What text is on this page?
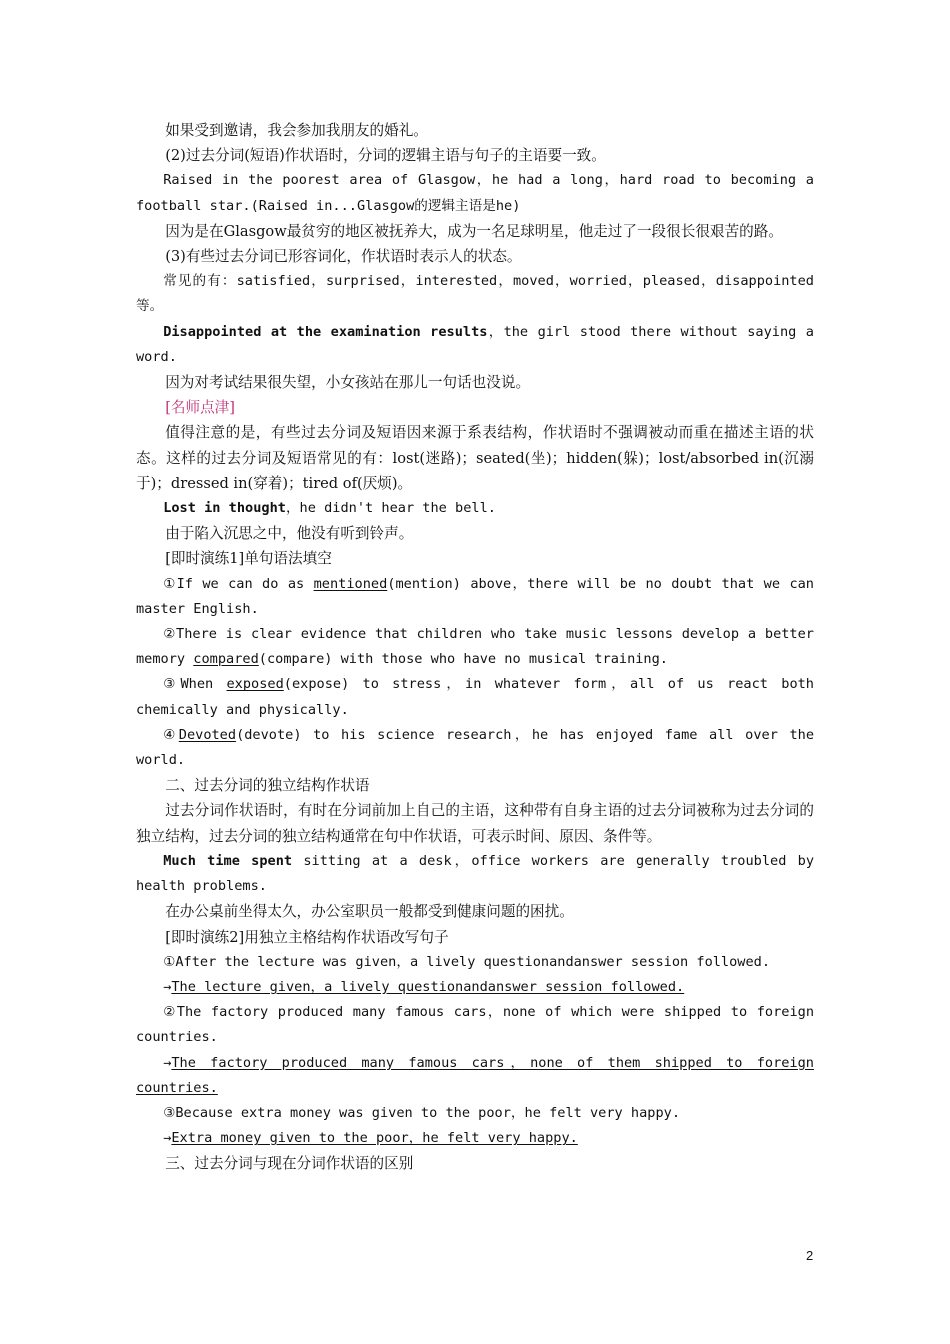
如果受到邀请，我会参加我朋友的婚礼。

(2)过去分词(短语)作状语时，分词的逻辑主语与句子的主语要一致。

Raised in the poorest area of Glasgow，he had a long，hard road to becoming a football star.(Raised in...Glasgow的逻辑主语是he)

因为是在Glasgow最贫穷的地区被抚养大，成为一名足球明星，他走过了一段很长很艰苦的路。

(3)有些过去分词已形容词化，作状语时表示人的状态。

常见的有：satisfied，surprised，interested，moved，worried，pleased，disappointed等。

Disappointed at the examination results，the girl stood there without saying a word.

因为对考试结果很失望，小女孩站在那儿一句话也没说。

[名师点津]

值得注意的是，有些过去分词及短语因来源于系表结构，作状语时不强调被动而重在描述主语的状态。这样的过去分词及短语常见的有：lost(迷路)；seated(坐)；hidden(躲)；lost/absorbed in(沉溺于)；dressed in(穿着)；tired of(厌烦)。

Lost in thought，he didn't hear the bell.

由于陷入沉思之中，他没有听到铃声。

[即时演练1]单句语法填空

①If we can do as mentioned(mention) above，there will be no doubt that we can master English.

②There is clear evidence that children who take music lessons develop a better memory compared(compare) with those who have no musical training.

③When exposed(expose) to stress，in whatever form，all of us react both chemically and physically.

④Devoted(devote) to his science research，he has enjoyed fame all over the world.

二、过去分词的独立结构作状语

过去分词作状语时，有时在分词前加上自己的主语，这种带有自身主语的过去分词被称为过去分词的独立结构，过去分词的独立结构通常在句中作状语，可表示时间、原因、条件等。

Much time spent sitting at a desk，office workers are generally troubled by health problems.

在办公桌前坐得太久，办公室职员一般都受到健康问题的困扰。

[即时演练2]用独立主格结构作状语改写句子

①After the lecture was given，a lively questionandanswer session followed.

→The lecture given，a lively questionandanswer session followed.

②The factory produced many famous cars，none of which were shipped to foreign countries.

→The factory produced many famous cars，none of them shipped to foreign countries.

③Because extra money was given to the poor，he felt very happy.

→Extra money given to the poor，he felt very happy.

三、过去分词与现在分词作状语的区别

2
